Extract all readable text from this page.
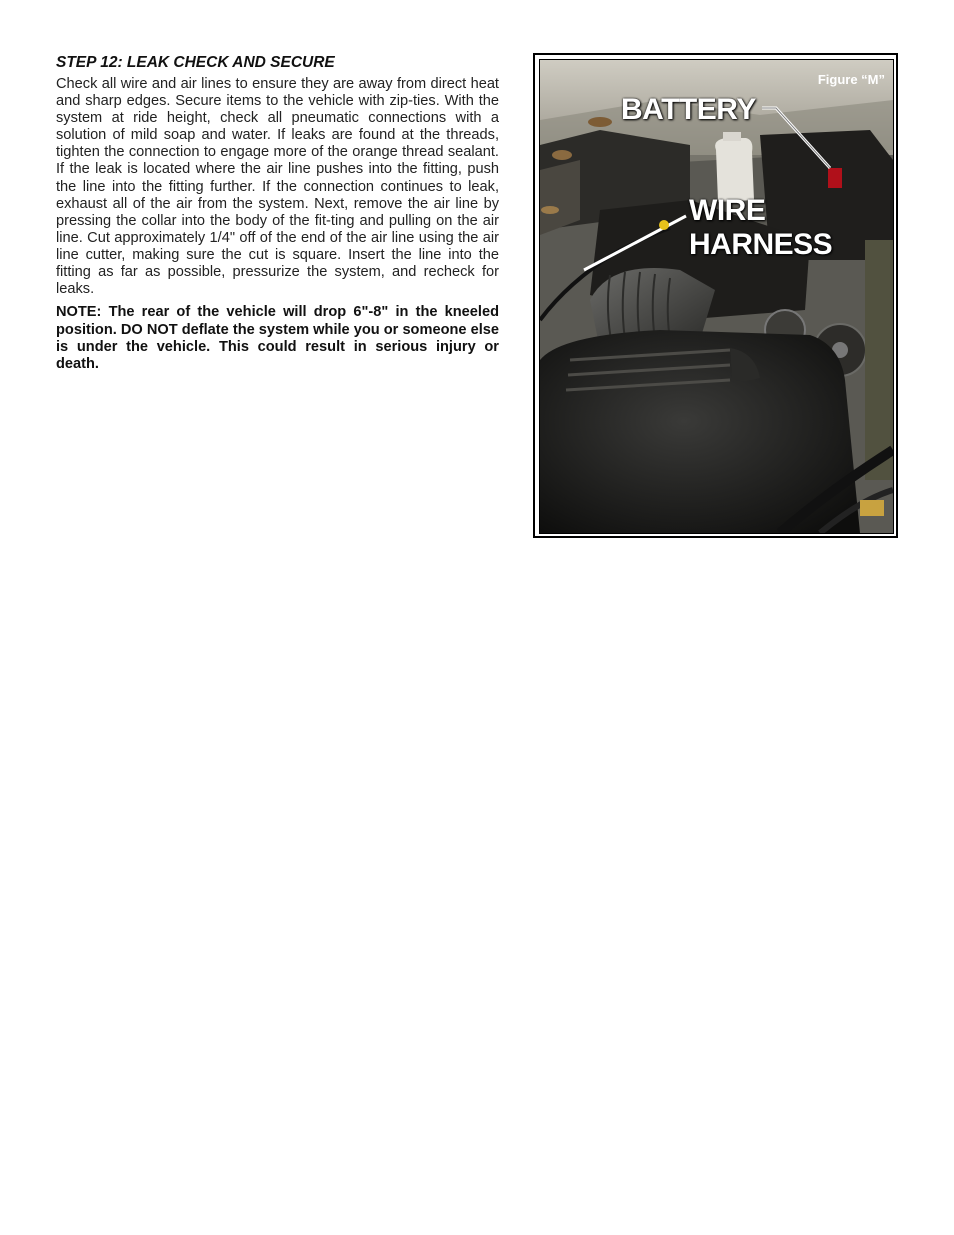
STEP 12: LEAK CHECK AND SECURE

Check all wire and air lines to ensure they are away from direct heat and sharp edges. Secure items to the vehicle with zip-ties. With the system at ride height, check all pneumatic connections with a solution of mild soap and water. If leaks are found at the threads, tighten the connection to engage more of the orange thread sealant. If the leak is located where the air line pushes into the fitting, push the line into the fitting further. If the connection continues to leak, exhaust all of the air from the system. Next, remove the air line by pressing the collar into the body of the fit-ting and pulling on the air line. Cut approximately 1/4" off of the end of the air line using the air line cutter, making sure the cut is square. Insert the line into the fitting as far as possible, pressurize the system, and recheck for leaks.

NOTE: The rear of the vehicle will drop 6"-8" in the kneeled position. DO NOT deflate the system while you or someone else is under the vehicle. This could result in serious injury or death.

Figure “M”
BATTERY
WIRE
HARNESS
